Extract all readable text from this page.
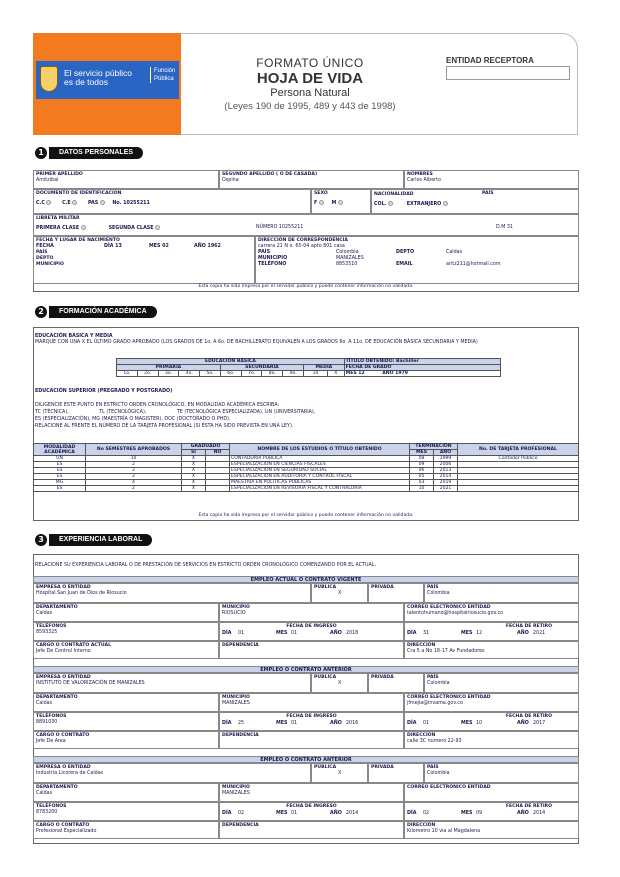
El servicio público
es de todos
Función
Pública
FORMATO ÚNICO
HOJA DE VIDA
Persona Natural
(Leyes 190 de 1995, 489 y 443 de 1998)
ENTIDAD RECEPTORA
1	DATOS PERSONALES
PRIMER APELLIDO
Amitzibal
SEGUNDO APELLIDO ( O DE CASADA)
Ospina
NOMBRES
Carlos Alberto
DOCUMENTO DE IDENTIFICACIÓN
C.C	C.E	PAS	No. 10255211
SEXO
F	M
NACIONALIDAD	PAÍS
COL.	EXTRANJERO
LIBRETA MILITAR
PRIMERA CLASE	SEGUNDA CLASE	NÚMERO 10255211	D.M 31
FECHA Y LUGAR DE NACIMIENTO
FECHA	DÍA 13	MES 02	AÑO 1962
PAÍS
DEPTO
MUNICIPIO
DIRECCIÓN DE CORRESPONDENCIA
carrera 21 N o. 65-04 apto 801 casa
PAÍS	Colombia	DEPTO	Caldas
MUNICIPIO	MANIZALES
TELÉFONO	8853510	EMAIL	aritz211@hotmail.com
Esta copia ha sido impresa por el servidor público y puede contener información no validada.
2	FORMACIÓN ACADÉMICA
EDUCACIÓN BÁSICA Y MEDIA
MARQUE CON UNA X EL ÚLTIMO GRADO APROBADO (LOS GRADOS DE 1o. A 6o. DE BACHILLERATO EQUIVALEN A LOS GRADOS 6o. A 11o. DE EDUCACIÓN BÁSICA SECUNDARIA Y MEDIA)
EDUCACIÓN BÁSICA											TÍTULO OBTENIDO: Bachiller
PRIMARIA					SECUNDARIA				MEDIA		FECHA DE GRADO
1o.	2o.	3o.	4o.	5o.	6o.	7o.	8o.	9o.	10	X	MES 12 AÑO 1979
EDUCACIÓN SUPERIOR (PREGRADO Y POSTGRADO)
DILIGENCIE ESTE PUNTO EN ESTRICTO ORDEN CRONOLÓGICO, EN MODALIDAD ACADÉMICA ESCRIBA:
TC (TÉCNICA),                    TL (TECNOLÓGICA),                    TE (TECNOLÓGICA ESPECIALIZADA), UN (UNIVERSITARIA),
ES (ESPECIALIZACIÓN), MG (MAESTRÍA O MAGISTER), DOC (DOCTORADO O PHD),
RELACIONE AL FRENTE EL NÚMERO DE LA TARJETA PROFESIONAL (SI ÉSTA HA SIDO PREVISTA EN UNA LEY).
MODALIDAD ACADÉMICA	No SEMESTRES APROBADOS	GRADUADO		NOMBRE DE LOS ESTUDIOS O TÍTULO OBTENIDO	TERMINACIÓN		No. DE TARJETA PROFESIONAL
		SI	NO		MES	AÑO	
UN	10	X		CONTADURIA PUBLICA	08	1999	Contador Público
ES	2	X		ESPECIALIZACION EN CIENCIAS FISCALES	09	2006	
ES	2	X		ESPECIALIZACION EN SEGURIDAD SOCIAL	06	2013	
ES	2	X		ESPECIALIZACION EN AUDITORIA Y CONTROL FISCAL	05	2014	
MG	4	X		MAESTRIA EN POLITICAS PUBLICAS	03	2019	
ES	2	X		ESPECIALIZACION EN REVISORIA FISCAL Y CONTRALORIA	10	2021	
Esta copia ha sido impresa por el servidor público y puede contener información no validada.
3	EXPERIENCIA LABORAL
RELACIONE SU EXPERIENCIA LABORAL O DE PRESTACIÓN DE SERVICIOS EN ESTRICTO ORDEN CRONOLÓGICO COMENZANDO POR EL ACTUAL.
EMPLEO ACTUAL O CONTRATO VIGENTE
EMPRESA O ENTIDAD
Hospital San Juan de Dios de Riosucio
PÚBLICA
X
PRIVADA	PAÍS
Colombia
DEPARTAMENTO
Caldas
MUNICIPIO
RIOSUCIO
CORREO ELECTRÓNICO ENTIDAD
talentohumano@hospitalriosucio.gov.co
TELÉFONOS
8593325
FECHA DE INGRESO	FECHA DE RETIRO
DÍA 01	MES 01	AÑO 2018	DÍA 31	MES 12	AÑO 2021
CARGO O CONTRATO ACTUAL
Jefe De Control Interno
DEPENDENCIA	DIRECCIÓN
Cra 5 a No 18-17 Av Fundadores
EMPLEO O CONTRATO ANTERIOR
EMPRESA O ENTIDAD
INSTITUTO DE VALORIZACIÓN DE MANIZALES
PÚBLICA
X
PRIVADA	PAÍS
Colombia
DEPARTAMENTO
Caldas
MUNICIPIO
MANIZALES
CORREO ELECTRÓNICO ENTIDAD
jfmejia@invama.gov.co
TELÉFONOS
8891030
FECHA DE INGRESO	FECHA DE RETIRO
DÍA 25	MES 01	AÑO 2016	DÍA 01	MES 10	AÑO 2017
CARGO O CONTRATO
Jefe De Area
DEPENDENCIA	DIRECCIÓN
calle 3C numero 22-93
EMPLEO O CONTRATO ANTERIOR
EMPRESA O ENTIDAD
Industria Licorera de Caldas
PÚBLICA
X
PRIVADA	PAÍS
Colombia
DEPARTAMENTO
Caldas
MUNICIPIO
MANIZALES
CORREO ELECTRÓNICO ENTIDAD
TELÉFONOS
8783200
FECHA DE INGRESO	FECHA DE RETIRO
DÍA 02	MES 01	AÑO 2014	DÍA 02	MES 09	AÑO 2014
CARGO O CONTRATO
Profesional Especializado
DEPENDENCIA	DIRECCIÓN
Kilometro 10 via al Magdalena
